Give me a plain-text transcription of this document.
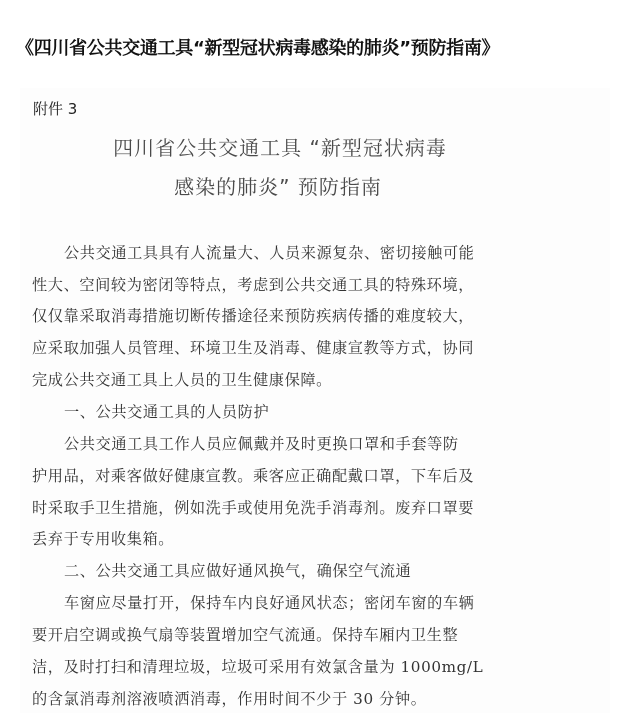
《四川省公共交通工具“新型冠状病毒感染的肺炎”预防指南》
附件 3
四川省公共交通工具 “新型冠状病毒
感染的肺炎” 预防指南
公共交通工具具有人流量大、人员来源复杂、密切接触可能
性大、空间较为密闭等特点，考虑到公共交通工具的特殊环境，
仅仅靠采取消毒措施切断传播途径来预防疾病传播的难度较大，
应采取加强人员管理、环境卫生及消毒、健康宣教等方式，协同
完成公共交通工具上人员的卫生健康保障。
一、公共交通工具的人员防护
公共交通工具工作人员应佩戴并及时更换口罩和手套等防
护用品，对乘客做好健康宣教。乘客应正确配戴口罩，下车后及
时采取手卫生措施，例如洗手或使用免洗手消毒剂。废弃口罩要
丢弃于专用收集箱。
二、公共交通工具应做好通风换气，确保空气流通
车窗应尽量打开，保持车内良好通风状态；密闭车窗的车辆
要开启空调或换气扇等装置增加空气流通。保持车厢内卫生整
洁，及时打扫和清理垃圾，垃圾可采用有效氯含量为 1000mg/L
的含氯消毒剂溶液喷洒消毒，作用时间不少于 30 分钟。
